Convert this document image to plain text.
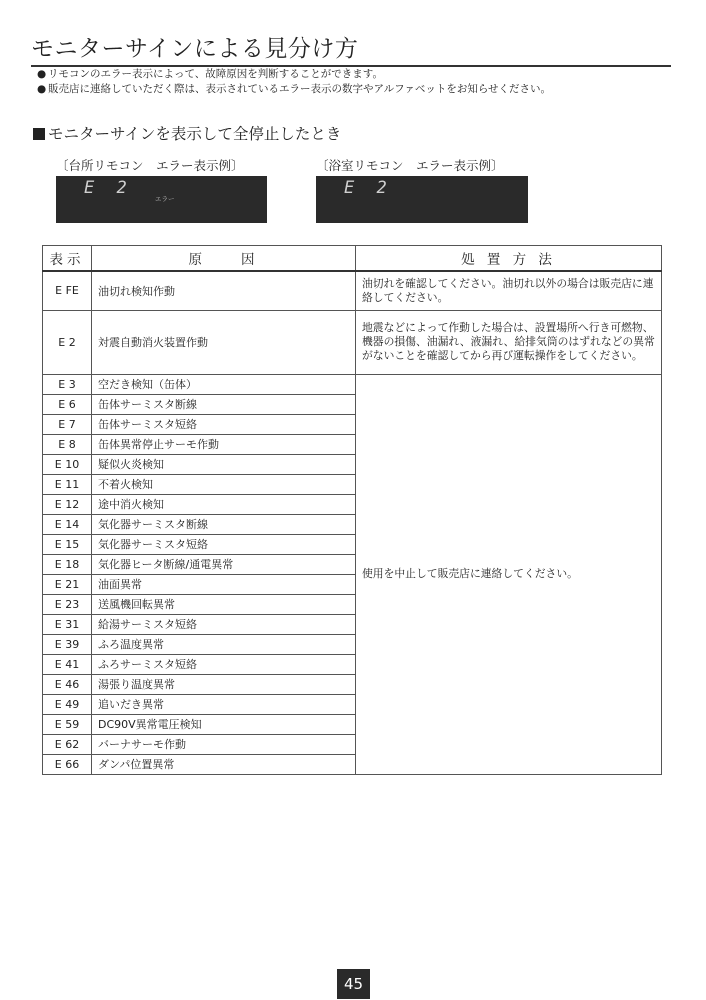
モニターサインによる見分け方
● リモコンのエラー表示によって、故障原因を判断することができます。
● 販売店に連絡していただく際は、表示されているエラー表示の数字やアルファベットをお知らせください。
モニターサインを表示して全停止したとき
〔台所リモコン　エラー表示例〕
E 2
エラー
〔浴室リモコン　エラー表示例〕
E 2
表示	原　　因	処 置 方 法
E FE	油切れ検知作動	油切れを確認してください。油切れ以外の場合は販売店に連絡してください。
E 2	対震自動消火装置作動	地震などによって作動した場合は、設置場所へ行き可燃物、機器の損傷、油漏れ、液漏れ、給排気筒のはずれなどの異常がないことを確認してから再び運転操作をしてください。
E 3	空だき検知（缶体）	使用を中止して販売店に連絡してください。
E 6	缶体サーミスタ断線	
E 7	缶体サーミスタ短絡	
E 8	缶体異常停止サーモ作動	
E 10	疑似火炎検知	
E 11	不着火検知	
E 12	途中消火検知	
E 14	気化器サーミスタ断線	
E 15	気化器サーミスタ短絡	
E 18	気化器ヒータ断線/通電異常	
E 21	油面異常	
E 23	送風機回転異常	
E 31	給湯サーミスタ短絡	
E 39	ふろ温度異常	
E 41	ふろサーミスタ短絡	
E 46	湯張り温度異常	
E 49	追いだき異常	
E 59	DC90V異常電圧検知	
E 62	バーナサーモ作動	
E 66	ダンパ位置異常	
45
